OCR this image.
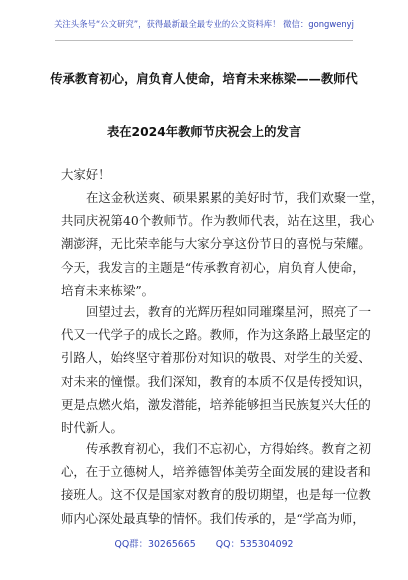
关注头条号“公文研究”，获得最新最全最专业的公文资料库！ 微信：gongwenyj
传承教育初心，肩负育人使命，培育未来栋梁——教师代
表在2024年教师节庆祝会上的发言
大家好！
在这金秋送爽、硕果累累的美好时节，我们欢聚一堂，
共同庆祝第40个教师节。作为教师代表，站在这里，我心
潮澎湃，无比荣幸能与大家分享这份节日的喜悦与荣耀。
今天，我发言的主题是“传承教育初心，肩负育人使命，
培育未来栋梁”。
回望过去，教育的光辉历程如同璀璨星河，照亮了一
代又一代学子的成长之路。教师，作为这条路上最坚定的
引路人，始终坚守着那份对知识的敬畏、对学生的关爱、
对未来的憧憬。我们深知，教育的本质不仅是传授知识，
更是点燃火焰，激发潜能，培养能够担当民族复兴大任的
时代新人。
传承教育初心，我们不忘初心，方得始终。教育之初
心，在于立德树人，培养德智体美劳全面发展的建设者和
接班人。这不仅是国家对教育的殷切期望，也是每一位教
师内心深处最真挚的情怀。我们传承的，是“学高为师，
QQ群：30265665 QQ：535304092
